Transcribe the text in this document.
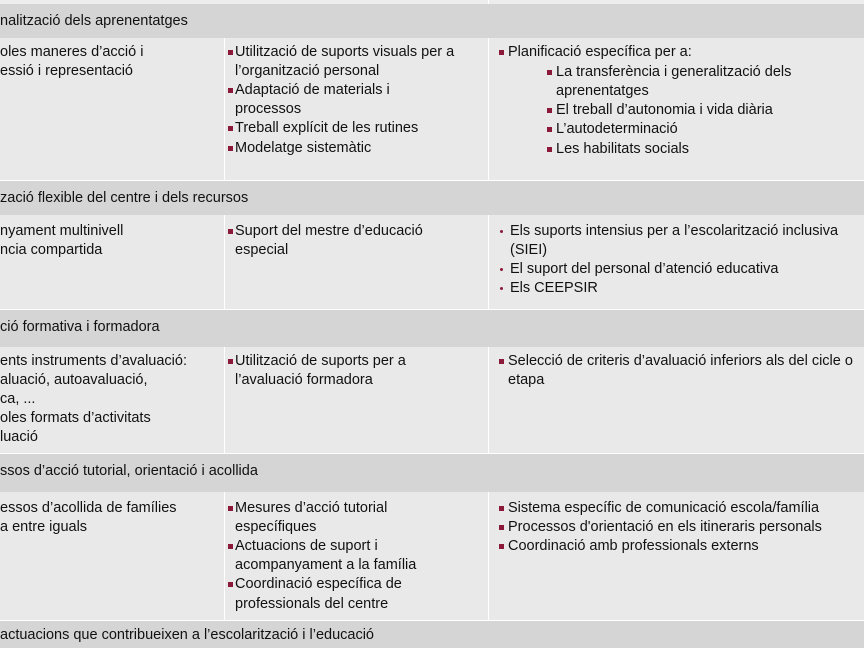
nalització dels aprenentatges
oles maneres d’acció i
essió i representació
Utilització de suports visuals per a
l’organització personal
Adaptació de materials i
processos
Treball explícit de les rutines
Modelatge sistemàtic
Planificació específica per a:
La transferència i generalització dels
aprenentatges
El treball d’autonomia i vida diària
L’autodeterminació
Les habilitats socials
zació flexible del centre i dels recursos
nyament multinivell
ncia compartida
Suport del mestre d’educació
especial
Els suports intensius per a l’escolarització inclusiva
(SIEI)
El suport del personal d’atenció educativa
Els CEEPSIR
ció formativa i formadora
ents instruments d’avaluació:
aluació, autoavaluació,
ca, ...
oles formats d’activitats
luació
Utilització de suports per a
l’avaluació formadora
Selecció de criteris d’avaluació inferiors als del cicle o
etapa
ssos d’acció tutorial, orientació i acollida
essos d’acollida de famílies
a entre iguals
Mesures d’acció tutorial
específiques
Actuacions de suport i
acompanyament a la família
Coordinació específica de
professionals del centre
Sistema específic de comunicació escola/família
Processos d'orientació en els itineraris personals
Coordinació amb professionals externs
actuacions que contribueixen a l’escolarització i l’educació
